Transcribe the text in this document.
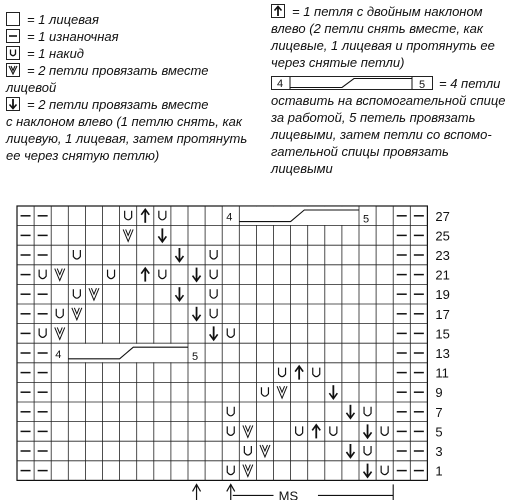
= 1 лицевая
= 1 изнаночная
= 1 накид
= 2 петли провязать вместе
лицевой
= 2 петли провязать вместе
с наклоном влево (1 петлю снять, как
лицевую, 1 лицевая, затем протянуть
ее через снятую петлю)
= 1 петля с двойным наклоном
влево (2 петли снять вместе, как
лицевые, 1 лицевая и протянуть ее
через снятые петли)
4	5 = 4 петли
оставить на вспомогательной спице
за работой, 5 петель провязать
лицевыми, затем петли со вспомо-
гательной спицы провязать
лицевыми
4	5
4	5
27
25
23
21
19
17
15
13
11
9
7
5
3
1
MS
